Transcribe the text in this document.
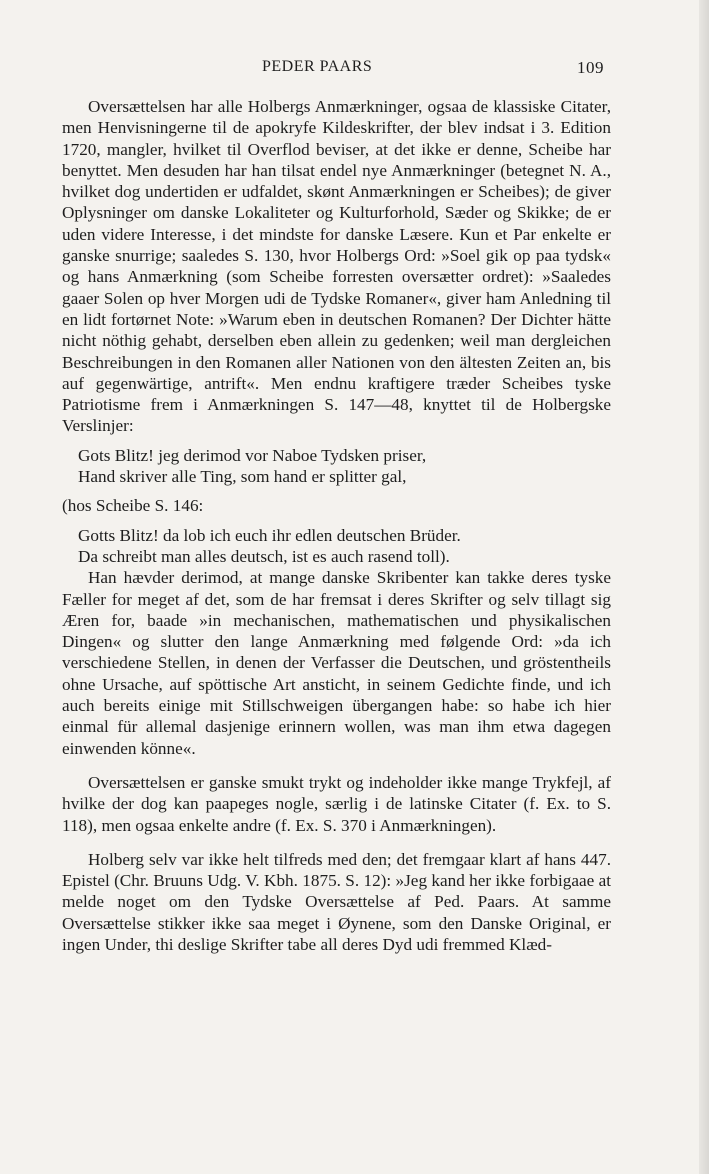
PEDER PAARS	109

Oversættelsen har alle Holbergs Anmærkninger, ogsaa de klassiske Citater, men Henvisningerne til de apokryfe Kildeskrifter, der blev indsat i 3. Edition 1720, mangler, hvilket til Overflod beviser, at det ikke er denne, Scheibe har benyttet. Men desuden har han tilsat endel nye Anmærkninger (betegnet N. A., hvilket dog undertiden er udfaldet, skønt Anmærkningen er Scheibes); de giver Oplysninger om danske Lokaliteter og Kulturforhold, Sæder og Skikke; de er uden videre Interesse, i det mindste for danske Læsere. Kun et Par enkelte er ganske snurrige; saaledes S. 130, hvor Holbergs Ord: »Soel gik op paa tydsk« og hans Anmærkning (som Scheibe forresten oversætter ordret): »Saaledes gaaer Solen op hver Morgen udi de Tydske Romaner«, giver ham Anledning til en lidt fortørnet Note: »Warum eben in deutschen Romanen? Der Dichter hätte nicht nöthig gehabt, derselben eben allein zu gedenken; weil man dergleichen Beschreibungen in den Romanen aller Nationen von den ältesten Zeiten an, bis auf gegenwärtige, antrift«. Men endnu kraftigere træder Scheibes tyske Patriotisme frem i Anmærkningen S. 147—48, knyttet til de Holbergske Verslinjer:

Gots Blitz! jeg derimod vor Naboe Tydsken priser,
Hand skriver alle Ting, som hand er splitter gal,

(hos Scheibe S. 146:

Gotts Blitz! da lob ich euch ihr edlen deutschen Brüder.
Da schreibt man alles deutsch, ist es auch rasend toll).

Han hævder derimod, at mange danske Skribenter kan takke deres tyske Fæller for meget af det, som de har fremsat i deres Skrifter og selv tillagt sig Æren for, baade »in mechanischen, mathematischen und physikalischen Dingen« og slutter den lange Anmærkning med følgende Ord: »da ich verschiedene Stellen, in denen der Verfasser die Deutschen, und gröstentheils ohne Ursache, auf spöttische Art ansticht, in seinem Gedichte finde, und ich auch bereits einige mit Stillschweigen übergangen habe: so habe ich hier einmal für allemal dasjenige erinnern wollen, was man ihm etwa dagegen einwenden könne«.

Oversættelsen er ganske smukt trykt og indeholder ikke mange Trykfejl, af hvilke der dog kan paapeges nogle, særlig i de latinske Citater (f. Ex. to S. 118), men ogsaa enkelte andre (f. Ex. S. 370 i Anmærkningen).

Holberg selv var ikke helt tilfreds med den; det fremgaar klart af hans 447. Epistel (Chr. Bruuns Udg. V. Kbh. 1875. S. 12): »Jeg kand her ikke forbigaae at melde noget om den Tydske Oversættelse af Ped. Paars. At samme Oversættelse stikker ikke saa meget i Øynene, som den Danske Original, er ingen Under, thi deslige Skrifter tabe all deres Dyd udi fremmed Klæd-
